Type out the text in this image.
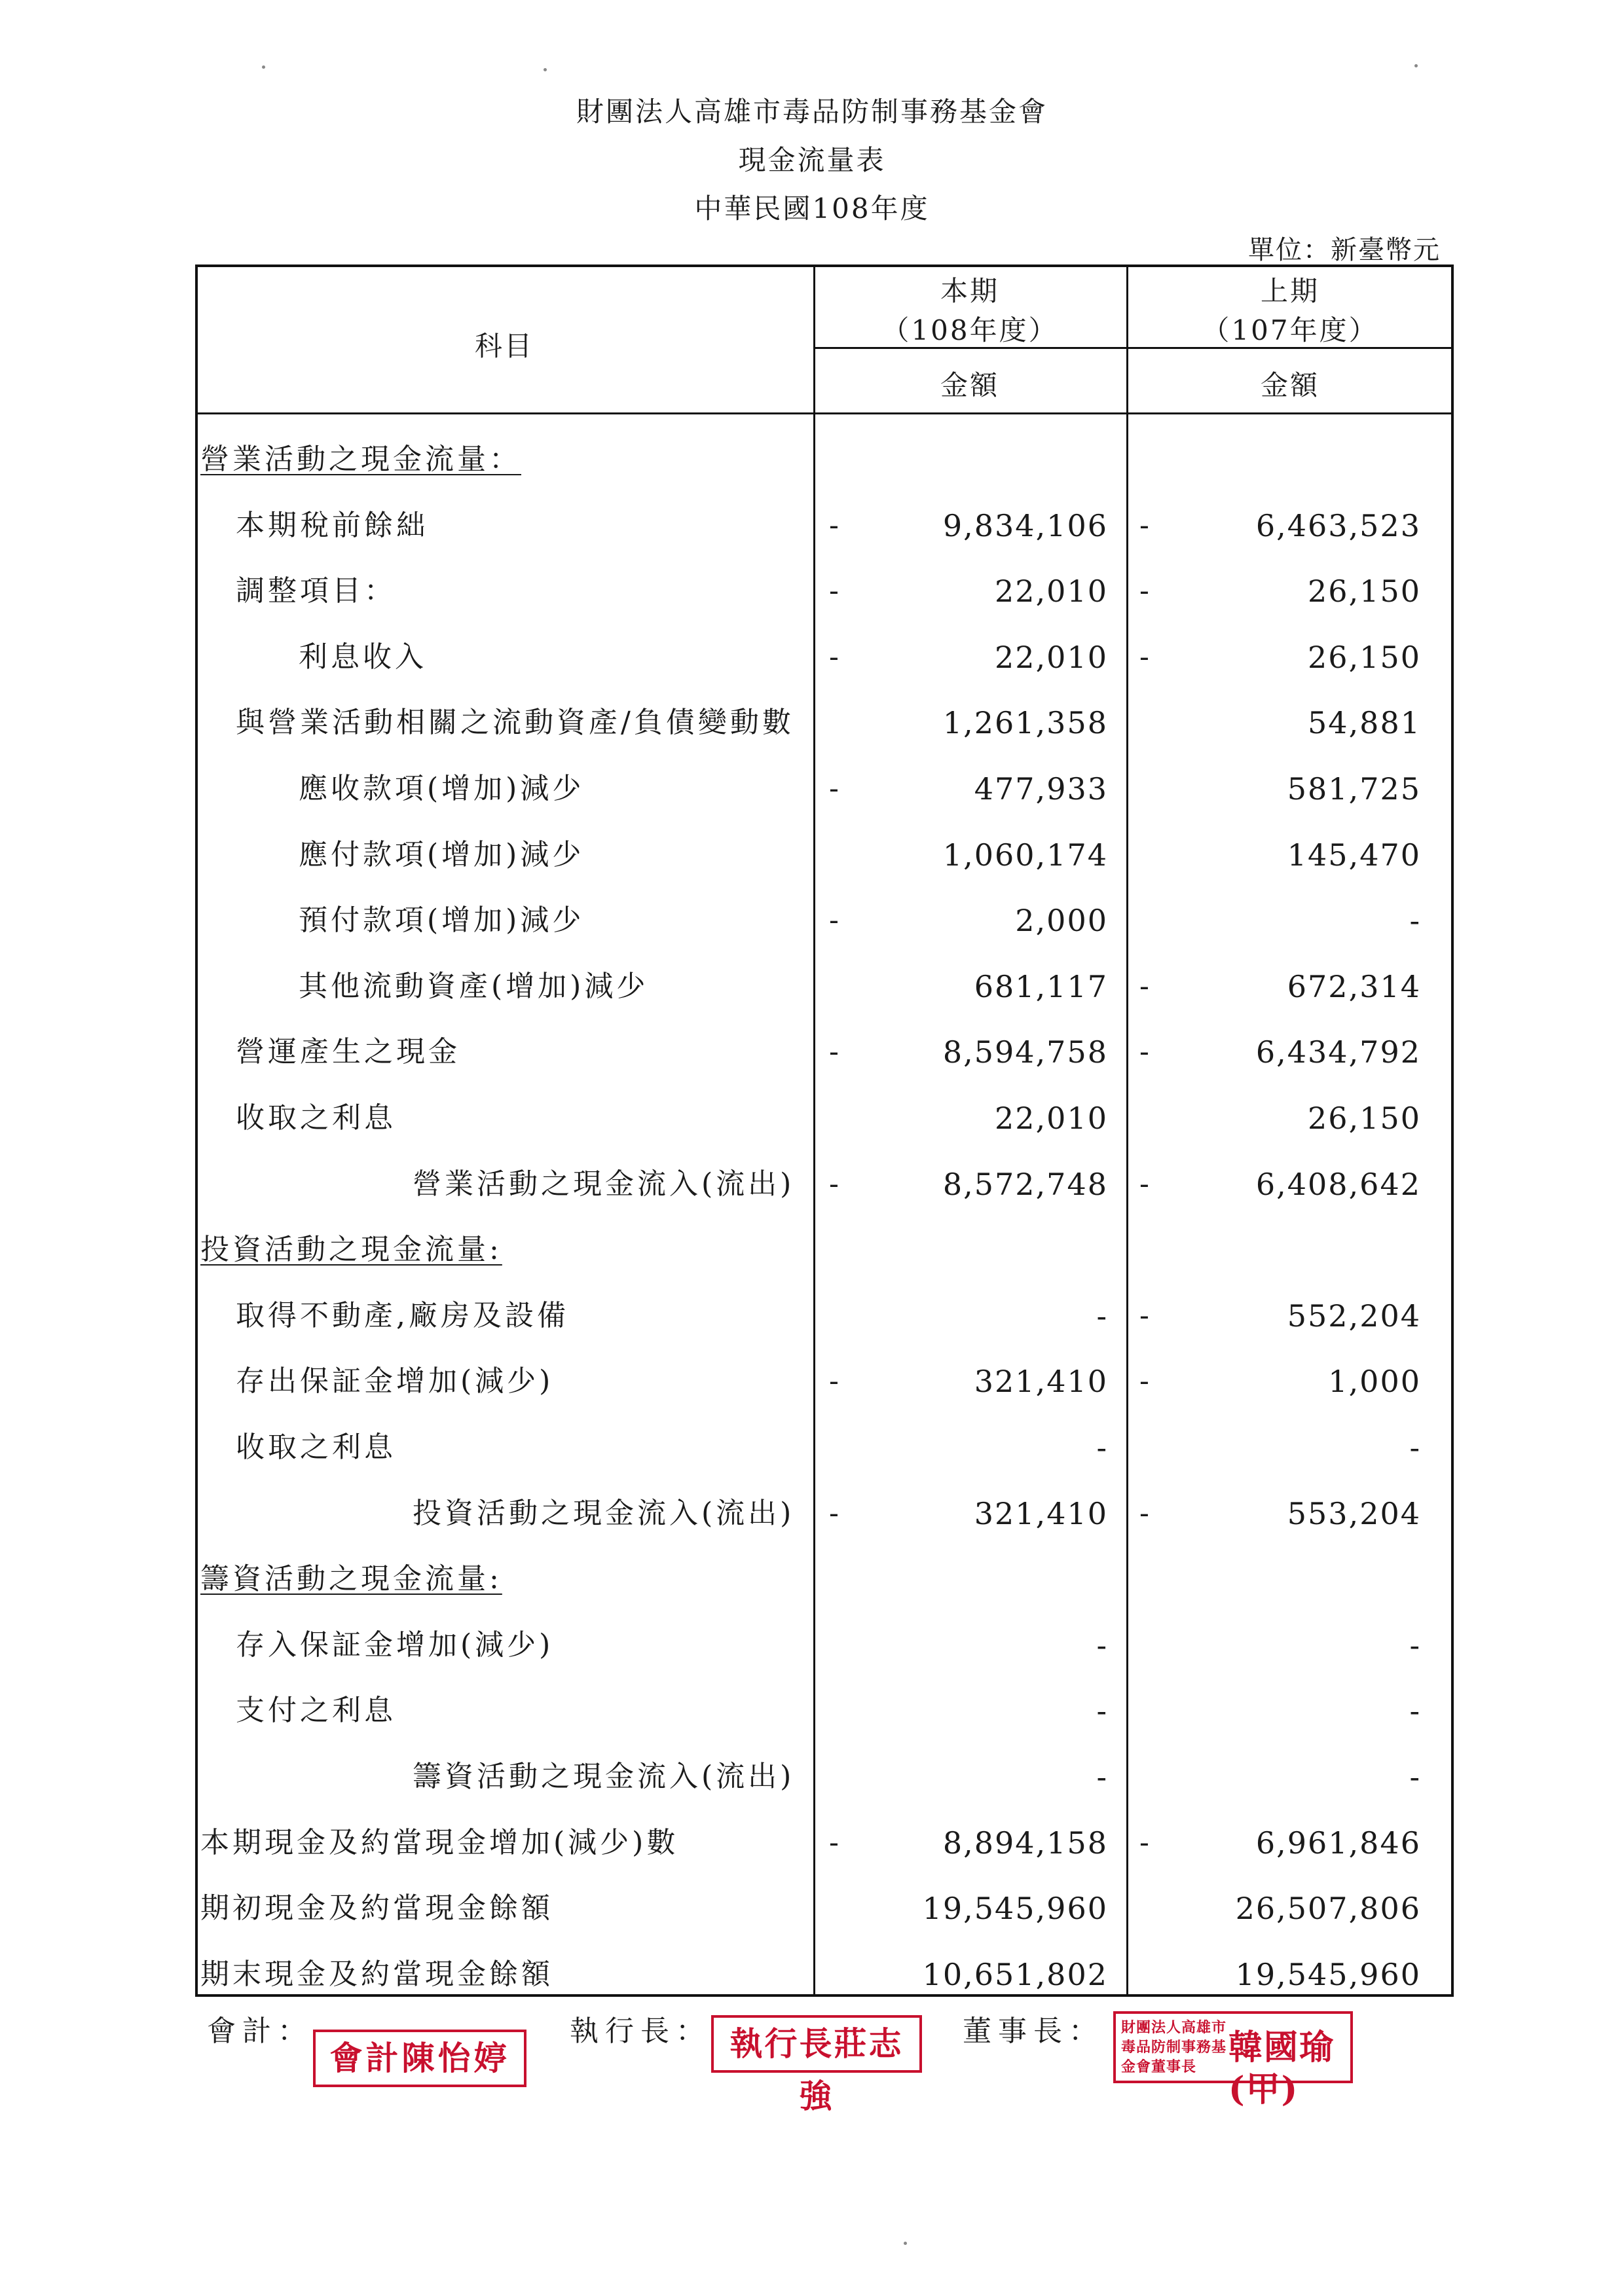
財團法人高雄市毒品防制事務基金會
現金流量表
中華民國108年度
單位：新臺幣元
科目
本期
（108年度）
上期
（107年度）
金額	金額
營業活動之現金流量：
本期稅前餘絀	-	9,834,106 -	6,463,523
調整項目：	-	22,010 -	26,150
利息收入	-	22,010 -	26,150
與營業活動相關之流動資產/負債變動數	1,261,358	54,881
應收款項(增加)減少	-	477,933	581,725
應付款項(增加)減少	1,060,174	145,470
預付款項(增加)減少	-	2,000	-
其他流動資產(增加)減少	681,117 -	672,314
營運產生之現金	-	8,594,758 -	6,434,792
收取之利息	22,010	26,150
營業活動之現金流入(流出) -	8,572,748 -	6,408,642
投資活動之現金流量:
取得不動產,廠房及設備	- -	552,204
存出保証金增加(減少)	-	321,410 -	1,000
收取之利息	-	-
投資活動之現金流入(流出) -	321,410 -	553,204
籌資活動之現金流量:
存入保証金增加(減少)	-	-
支付之利息	-	-
籌資活動之現金流入(流出)	-	-
本期現金及約當現金增加(減少)數	-	8,894,158 -	6,961,846
期初現金及約當現金餘額	19,545,960	26,507,806
期末現金及約當現金餘額	10,651,802	19,545,960
會計：	執行長：	董事長：
會計陳怡婷	執行長莊志強
財團法人高雄市毒品防制事務基金會董事長 韓國瑜(甲)
